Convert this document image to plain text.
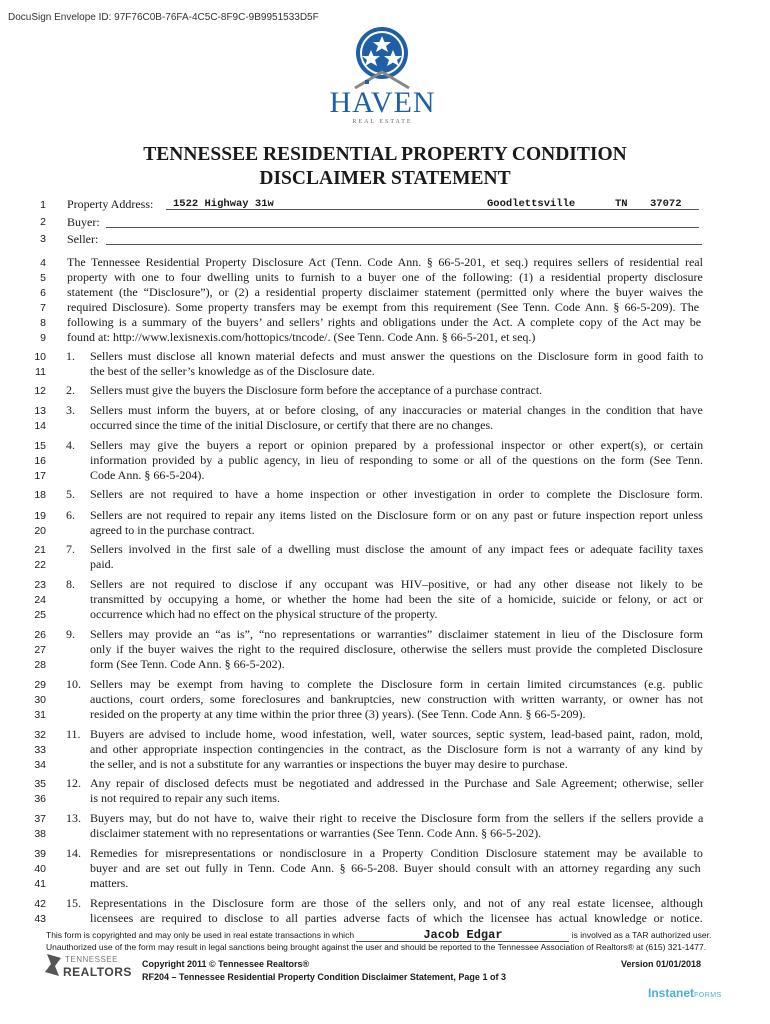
DocuSign Envelope ID: 97F76C0B-76FA-4C5C-8F9C-9B9951533D5F
HAVEN
REAL ESTATE
TENNESSEE RESIDENTIAL PROPERTY CONDITION
DISCLAIMER STATEMENT
1
2
3
4
5
6
7
8
9
10
11
12
13
14
15
16
17
18
19
20
21
22
23
24
25
26
27
28
29
30
31
32
33
34
35
36
37
38
39
40
41
42
43
Property Address: 1522 Highway 31w	Goodlettsville	TN 37072
Buyer:
Seller:
The Tennessee Residential Property Disclosure Act (Tenn. Code Ann. § 66-5-201, et seq.) requires sellers of residential real
property with one to four dwelling units to furnish to a buyer one of the following: (1) a residential property disclosure
statement (the “Disclosure”), or (2) a residential property disclaimer statement (permitted only where the buyer waives the
required Disclosure). Some property transfers may be exempt from this requirement (See Tenn. Code Ann. § 66-5-209). The
following is a summary of the buyers’ and sellers’ rights and obligations under the Act. A complete copy of the Act may be
found at: http://www.lexisnexis.com/hottopics/tncode/. (See Tenn. Code Ann. § 66-5-201, et seq.)
1. Sellers must disclose all known material defects and must answer the questions on the Disclosure form in good faith to
the best of the seller’s knowledge as of the Disclosure date.
2. Sellers must give the buyers the Disclosure form before the acceptance of a purchase contract.
3. Sellers must inform the buyers, at or before closing, of any inaccuracies or material changes in the condition that have
occurred since the time of the initial Disclosure, or certify that there are no changes.
4. Sellers may give the buyers a report or opinion prepared by a professional inspector or other expert(s), or certain
information provided by a public agency, in lieu of responding to some or all of the questions on the form (See Tenn.
Code Ann. § 66-5-204).
5. Sellers are not required to have a home inspection or other investigation in order to complete the Disclosure form.
6. Sellers are not required to repair any items listed on the Disclosure form or on any past or future inspection report unless
agreed to in the purchase contract.
7. Sellers involved in the first sale of a dwelling must disclose the amount of any impact fees or adequate facility taxes
paid.
8. Sellers are not required to disclose if any occupant was HIV–positive, or had any other disease not likely to be
transmitted by occupying a home, or whether the home had been the site of a homicide, suicide or felony, or act or
occurrence which had no effect on the physical structure of the property.
9. Sellers may provide an “as is”, “no representations or warranties” disclaimer statement in lieu of the Disclosure form
only if the buyer waives the right to the required disclosure, otherwise the sellers must provide the completed Disclosure
form (See Tenn. Code Ann. § 66-5-202).
10. Sellers may be exempt from having to complete the Disclosure form in certain limited circumstances (e.g. public
auctions, court orders, some foreclosures and bankruptcies, new construction with written warranty, or owner has not
resided on the property at any time within the prior three (3) years). (See Tenn. Code Ann. § 66-5-209).
11. Buyers are advised to include home, wood infestation, well, water sources, septic system, lead-based paint, radon, mold,
and other appropriate inspection contingencies in the contract, as the Disclosure form is not a warranty of any kind by
the seller, and is not a substitute for any warranties or inspections the buyer may desire to purchase.
12. Any repair of disclosed defects must be negotiated and addressed in the Purchase and Sale Agreement; otherwise, seller
is not required to repair any such items.
13. Buyers may, but do not have to, waive their right to receive the Disclosure form from the sellers if the sellers provide a
disclaimer statement with no representations or warranties (See Tenn. Code Ann. § 66-5-202).
14. Remedies for misrepresentations or nondisclosure in a Property Condition Disclosure statement may be available to
buyer and are set out fully in Tenn. Code Ann. § 66-5-208. Buyer should consult with an attorney regarding any such
matters.
15. Representations in the Disclosure form are those of the sellers only, and not of any real estate licensee, although
licensees are required to disclose to all parties adverse facts of which the licensee has actual knowledge or notice.
This form is copyrighted and may only be used in real estate transactions in which	Jacob Edgar	is involved as a TAR authorized user.
Unauthorized use of the form may result in legal sanctions being brought against the user and should be reported to the Tennessee Association of Realtors® at (615) 321-1477.
TENNESSEE
REALTORS
Copyright 2011 © Tennessee Realtors®
RF204 – Tennessee Residential Property Condition Disclaimer Statement, Page 1 of 3
Version 01/01/2018
InstanetFORMS
